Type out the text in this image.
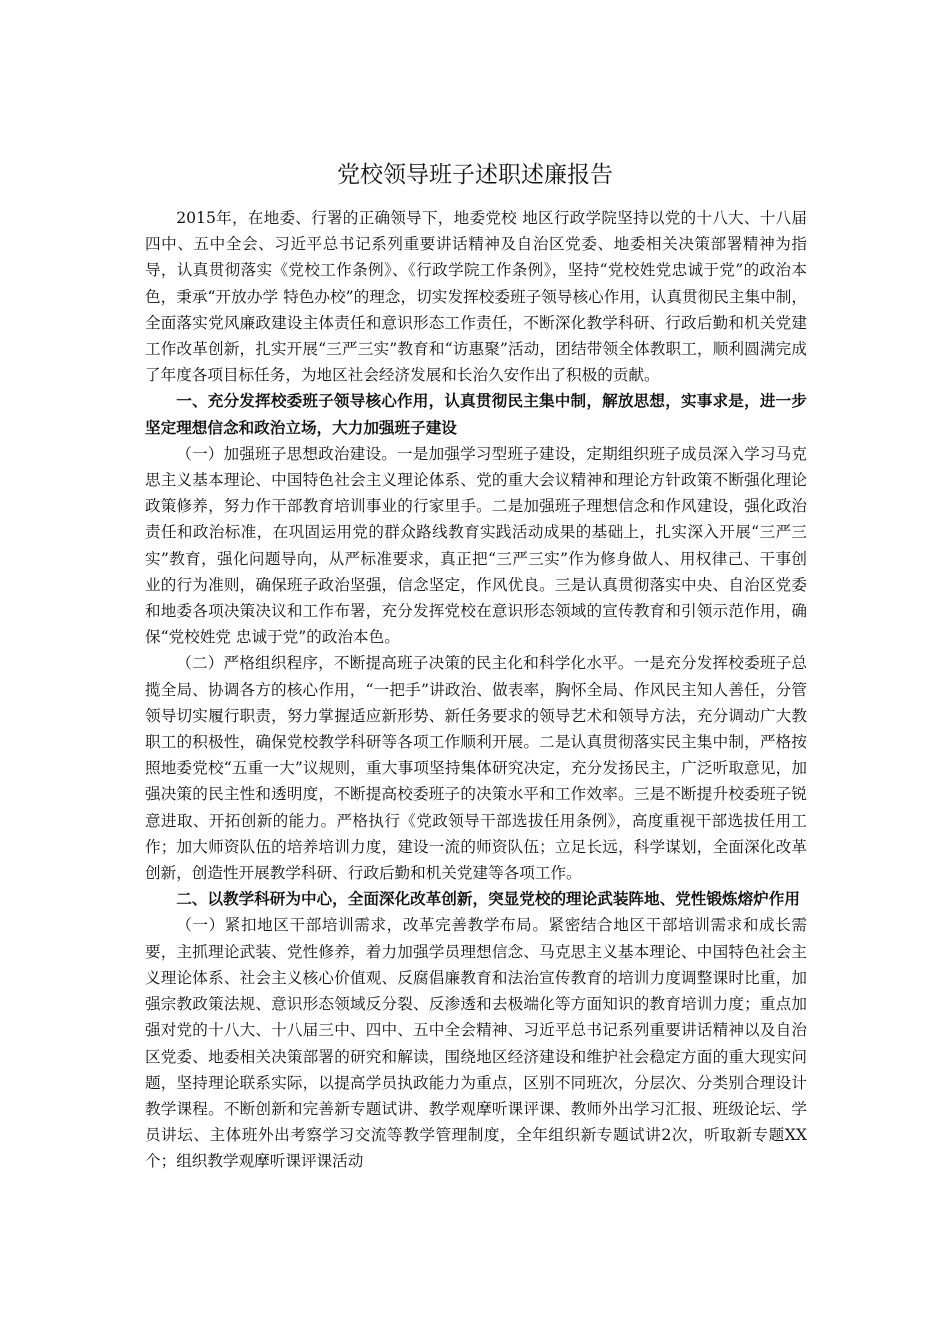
党校领导班子述职述廉报告

2015年，在地委、行署的正确领导下，地委党校 地区行政学院坚持以党的十八大、十八届四中、五中全会、习近平总书记系列重要讲话精神及自治区党委、地委相关决策部署精神为指导，认真贯彻落实《党校工作条例》、《行政学院工作条例》，坚持“党校姓党忠诚于党”的政治本色，秉承“开放办学 特色办校”的理念，切实发挥校委班子领导核心作用，认真贯彻民主集中制，全面落实党风廉政建设主体责任和意识形态工作责任，不断深化教学科研、行政后勤和机关党建工作改革创新，扎实开展“三严三实”教育和“访惠聚”活动，团结带领全体教职工，顺利圆满完成了年度各项目标任务，为地区社会经济发展和长治久安作出了积极的贡献。

一、充分发挥校委班子领导核心作用，认真贯彻民主集中制，解放思想，实事求是，进一步坚定理想信念和政治立场，大力加强班子建设

（一）加强班子思想政治建设。一是加强学习型班子建设，定期组织班子成员深入学习马克思主义基本理论、中国特色社会主义理论体系、党的重大会议精神和理论方针政策不断强化理论政策修养，努力作干部教育培训事业的行家里手。二是加强班子理想信念和作风建设，强化政治责任和政治标准，在巩固运用党的群众路线教育实践活动成果的基础上，扎实深入开展“三严三实”教育，强化问题导向，从严标准要求，真正把“三严三实”作为修身做人、用权律己、干事创业的行为准则，确保班子政治坚强，信念坚定，作风优良。三是认真贯彻落实中央、自治区党委和地委各项决策决议和工作布署，充分发挥党校在意识形态领域的宣传教育和引领示范作用，确保“党校姓党 忠诚于党”的政治本色。

（二）严格组织程序，不断提高班子决策的民主化和科学化水平。一是充分发挥校委班子总揽全局、协调各方的核心作用，“一把手”讲政治、做表率，胸怀全局、作风民主知人善任，分管领导切实履行职责，努力掌握适应新形势、新任务要求的领导艺术和领导方法，充分调动广大教职工的积极性，确保党校教学科研等各项工作顺利开展。二是认真贯彻落实民主集中制，严格按照地委党校“五重一大”议规则，重大事项坚持集体研究决定，充分发扬民主，广泛听取意见，加强决策的民主性和透明度，不断提高校委班子的决策水平和工作效率。三是不断提升校委班子锐意进取、开拓创新的能力。严格执行《党政领导干部选拔任用条例》，高度重视干部选拔任用工作；加大师资队伍的培养培训力度，建设一流的师资队伍；立足长远，科学谋划，全面深化改革创新，创造性开展教学科研、行政后勤和机关党建等各项工作。

二、以教学科研为中心，全面深化改革创新，突显党校的理论武装阵地、党性锻炼熔炉作用

（一）紧扣地区干部培训需求，改革完善教学布局。紧密结合地区干部培训需求和成长需要，主抓理论武装、党性修养，着力加强学员理想信念、马克思主义基本理论、中国特色社会主义理论体系、社会主义核心价值观、反腐倡廉教育和法治宣传教育的培训力度调整课时比重，加强宗教政策法规、意识形态领域反分裂、反渗透和去极端化等方面知识的教育培训力度；重点加强对党的十八大、十八届三中、四中、五中全会精神、习近平总书记系列重要讲话精神以及自治区党委、地委相关决策部署的研究和解读，围绕地区经济建设和维护社会稳定方面的重大现实问题，坚持理论联系实际，以提高学员执政能力为重点，区别不同班次，分层次、分类别合理设计教学课程。不断创新和完善新专题试讲、教学观摩听课评课、教师外出学习汇报、班级论坛、学员讲坛、主体班外出考察学习交流等教学管理制度，全年组织新专题试讲2次，听取新专题XX个；组织教学观摩听课评课活动
